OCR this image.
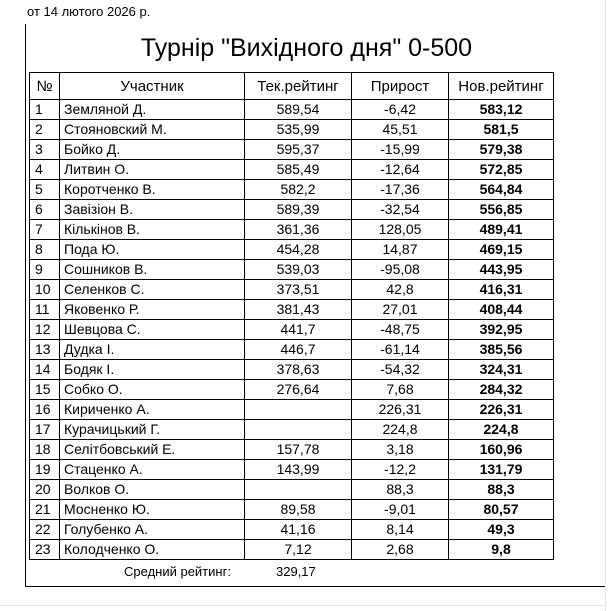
от 14 лютого 2026 р.
Турнір "Вихідного дня" 0-500
№	Участник	Тек.рейтинг	Прирост	Нов.рейтинг
1	Земляной Д.	589,54	-6,42	583,12
2	Стояновский М.	535,99	45,51	581,5
3	Бойко Д.	595,37	-15,99	579,38
4	Литвин О.	585,49	-12,64	572,85
5	Коротченко В.	582,2	-17,36	564,84
6	Завізіон В.	589,39	-32,54	556,85
7	Кількінов В.	361,36	128,05	489,41
8	Пода Ю.	454,28	14,87	469,15
9	Сошников В.	539,03	-95,08	443,95
10	Селенков С.	373,51	42,8	416,31
11	Яковенко Р.	381,43	27,01	408,44
12	Шевцова С.	441,7	-48,75	392,95
13	Дудка І.	446,7	-61,14	385,56
14	Бодяк І.	378,63	-54,32	324,31
15	Собко О.	276,64	7,68	284,32
16	Кириченко А.		226,31	226,31
17	Курачицький Г.		224,8	224,8
18	Селітбовський Е.	157,78	3,18	160,96
19	Стаценко А.	143,99	-12,2	131,79
20	Волков О.		88,3	88,3
21	Мосненко Ю.	89,58	-9,01	80,57
22	Голубенко А.	41,16	8,14	49,3
23	Колодченко О.	7,12	2,68	9,8
Средний рейтинг:	329,17
